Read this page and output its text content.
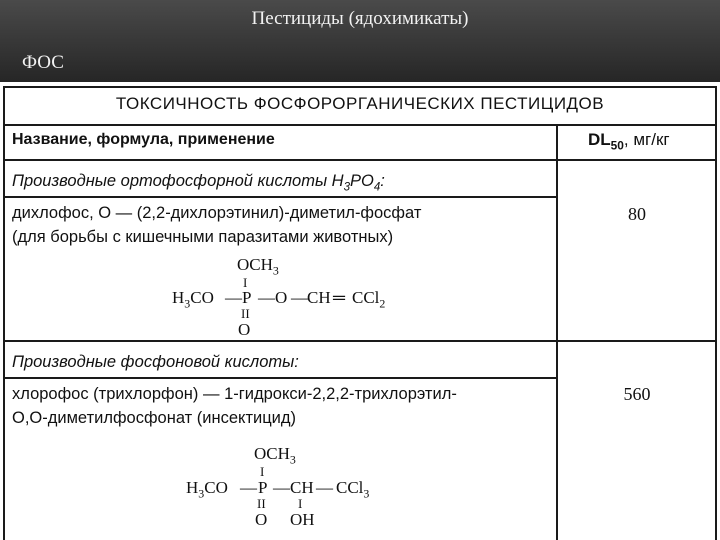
Пестициды (ядохимикаты)
ФОС
ТОКСИЧНОСТЬ ФОСФОРОРГАНИЧЕСКИХ ПЕСТИЦИДОВ
Название, формула, применение	$DL_{50}$, мг/кг
Производные ортофосфорной кислоты $H_3PO_4$:
дихлофос, О — (2,2-дихлорэтинил)-диметил-фосфат
(для борьбы с кишечными паразитами животных)
80
$OCH_3$
I
$H_3CO$ — P — O — CH ═ CCl$_2$
II
O
Производные фосфоновой кислоты:
хлорофос (трихлорфон) — 1-гидрокси-2,2,2-трихлорэтил-
O,O-диметилфосфонат (инсектицид)
560
$OCH_3$
I
$H_3CO$ — P — CH — CCl$_3$
II I
O OH
